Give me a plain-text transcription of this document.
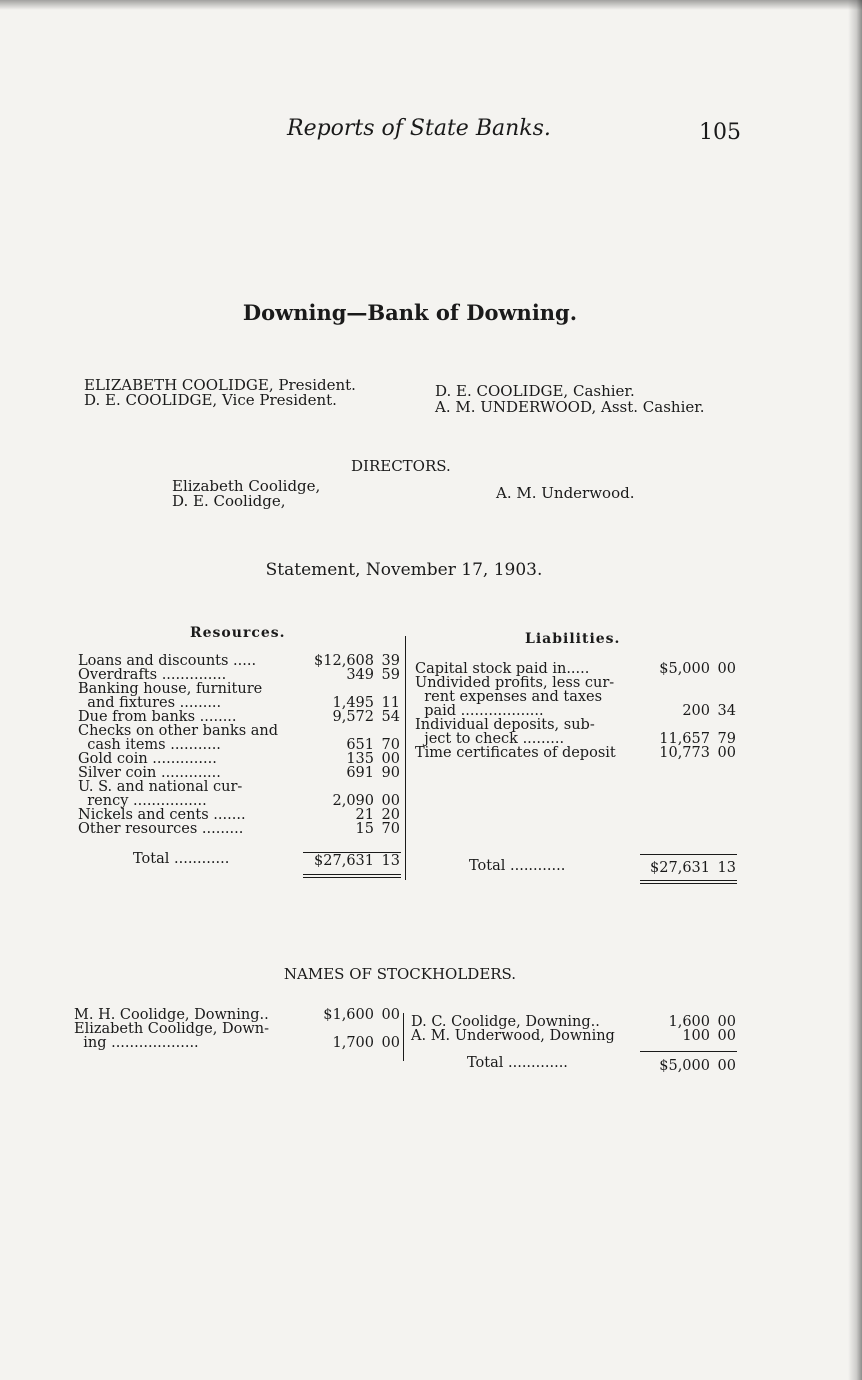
Reports of State Banks.	105
Downing—Bank of Downing.
ELIZABETH COOLIDGE, President.
D. E. COOLIDGE, Vice President.	D. E. COOLIDGE, Cashier.
A. M. UNDERWOOD, Asst. Cashier.
DIRECTORS.
Elizabeth Coolidge,
D. E. Coolidge,	A. M. Underwood.
Statement, November 17, 1903.
Resources.
Loans and discounts .....	$12,608 39
Overdrafts ..............	349 59
Banking house, furniture
and fixtures .........	1,495 11
Due from banks ........	9,572 54
Checks on other banks and
cash items ...........	651 70
Gold coin ..............	135 00
Silver coin .............	691 90
U. S. and national cur-
rency ................	2,090 00
Nickels and cents .......	21 20
Other resources .........	15 70
Total ............	$27,631 13
Liabilities.
Capital stock paid in.....	$5,000 00
Undivided profits, less cur-
rent expenses and taxes
paid ..................	200 34
Individual deposits, sub-
ject to check .........	11,657 79
Time certificates of deposit	10,773 00
Total ............	$27,631 13
NAMES OF STOCKHOLDERS.
M. H. Coolidge, Downing..	$1,600 00
Elizabeth Coolidge, Down-
ing ...................	1,700 00
D. C. Coolidge, Downing..	1,600 00
A. M. Underwood, Downing	100 00
Total .............	$5,000 00
